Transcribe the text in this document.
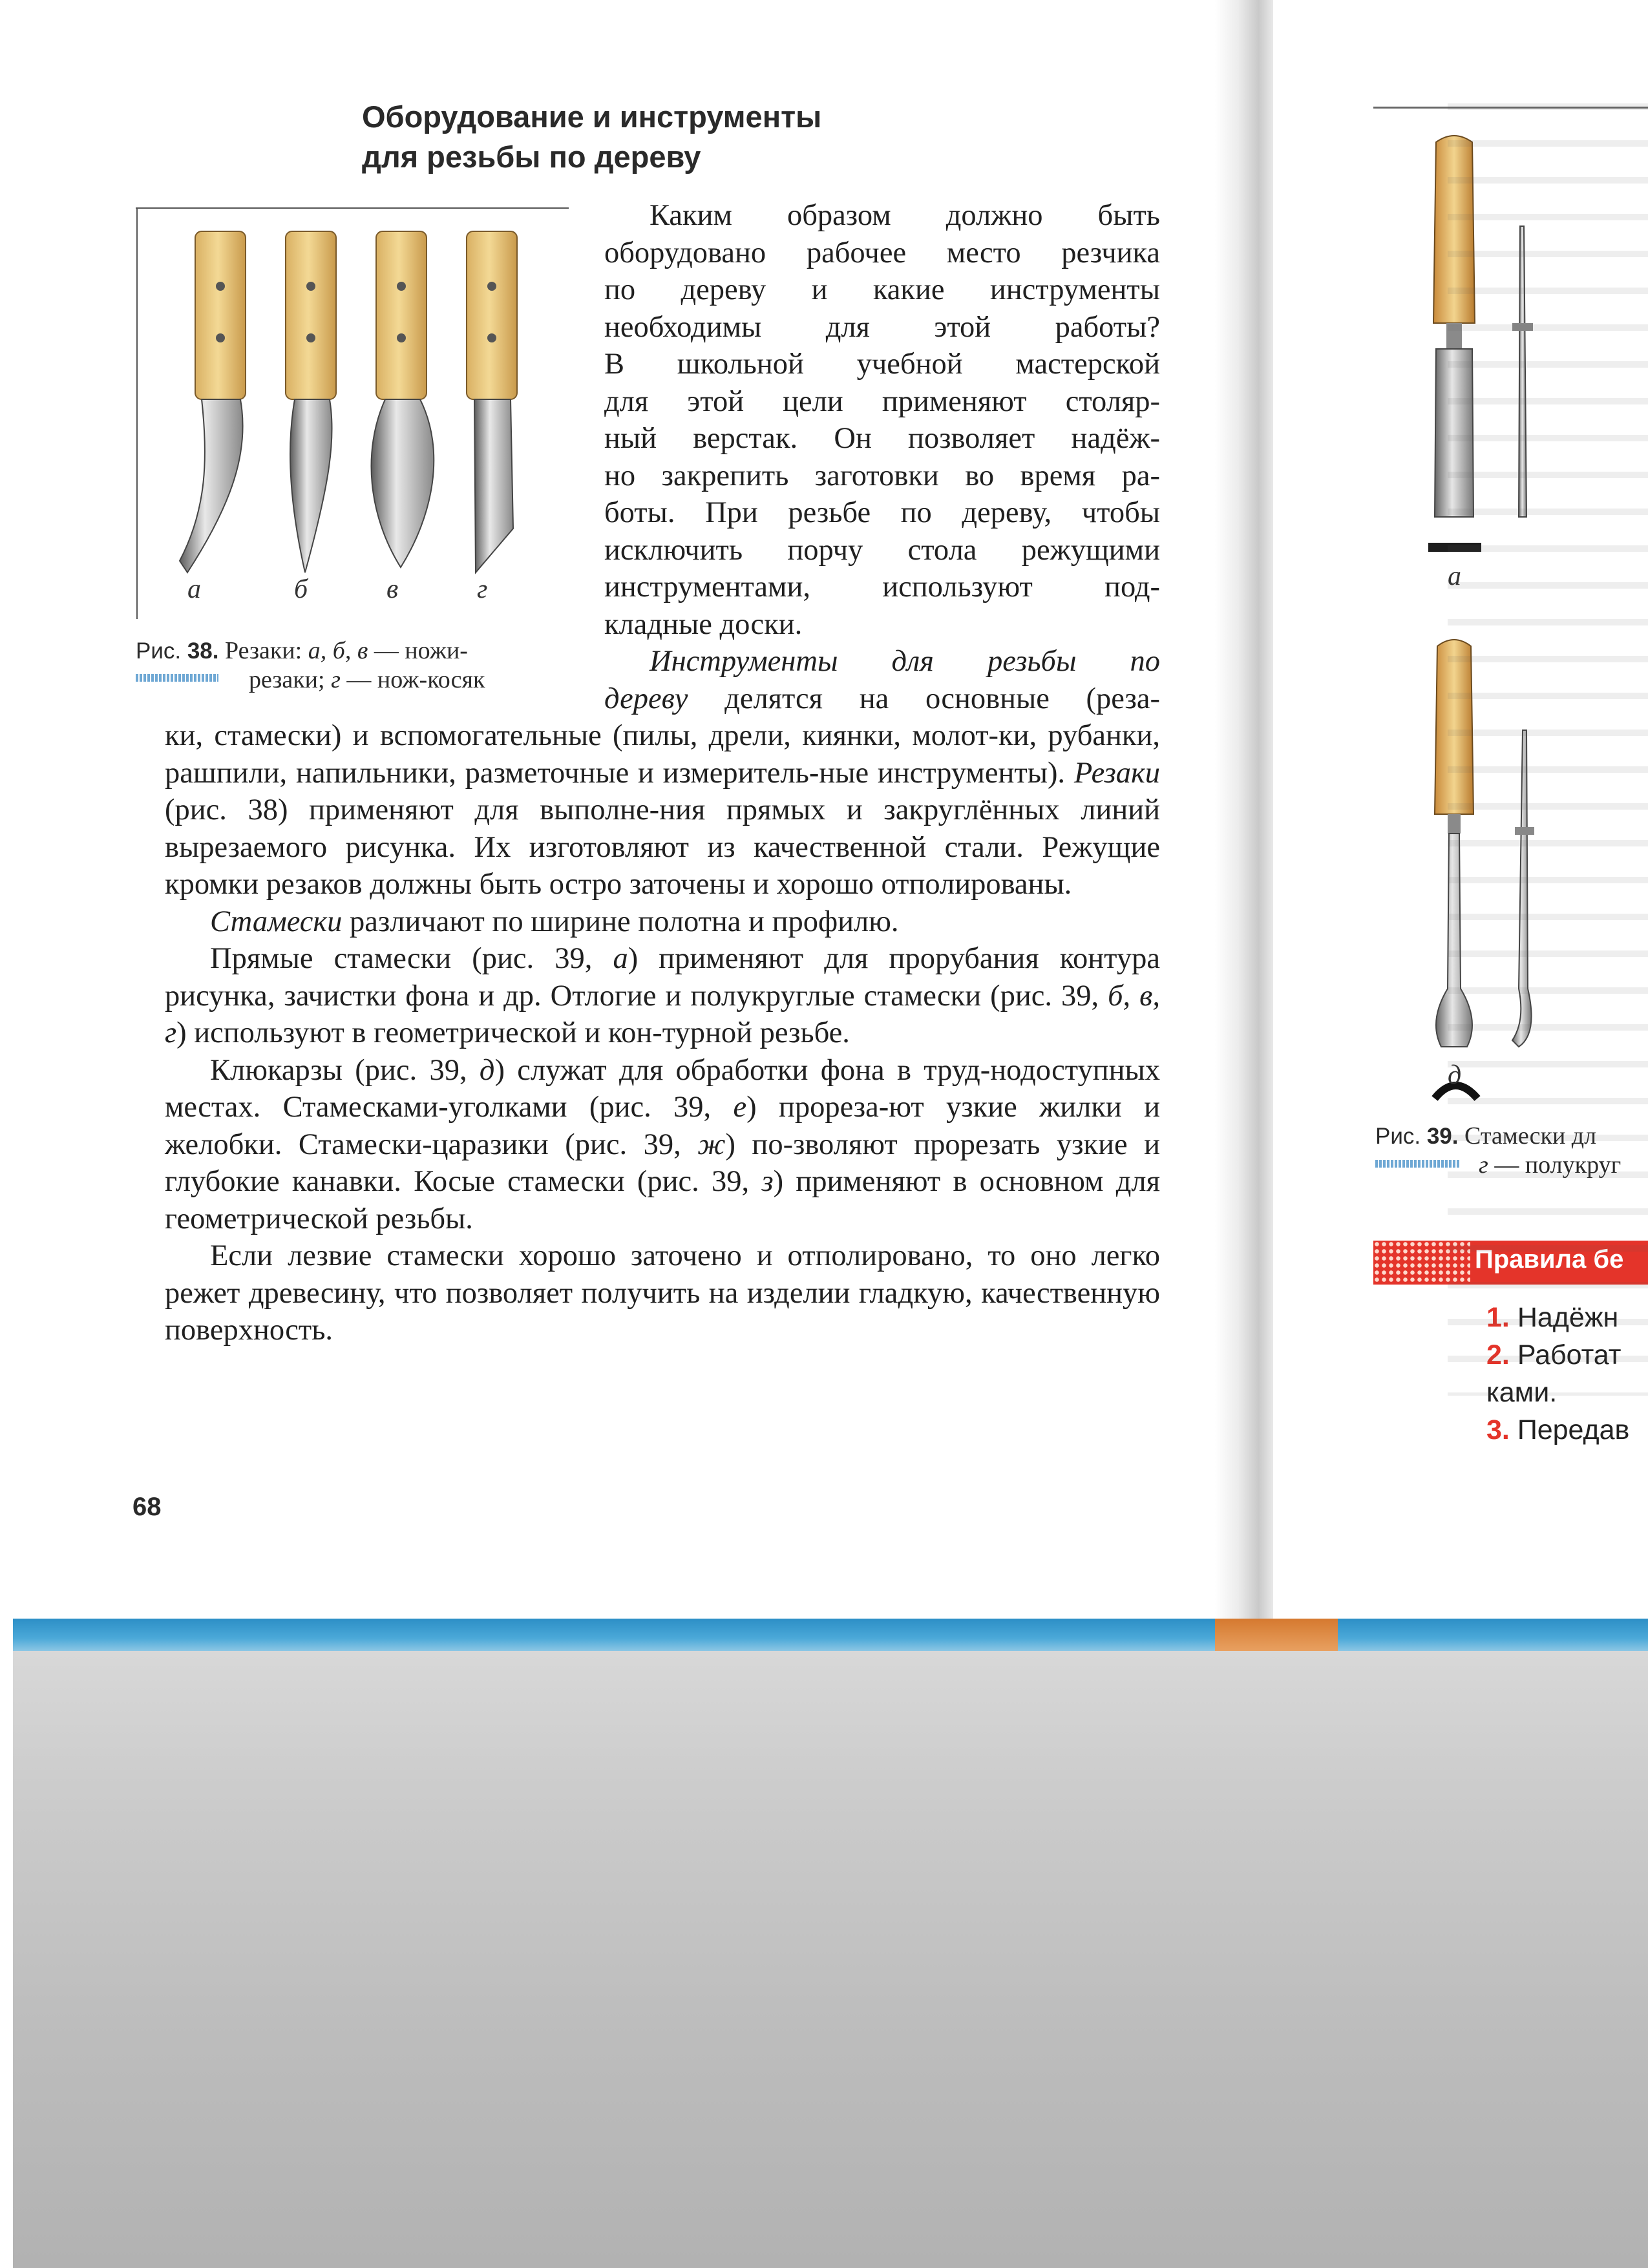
Оборудование и инструменты
для резьбы по дереву
а	б	в	г
Рис. 38. Резаки: а, б, в — ножи-
резаки; г — нож-косяк
Каким образом должно быть
оборудовано рабочее место резчика
по дереву и какие инструменты
необходимы для этой работы?
В школьной учебной мастерской
для этой цели применяют столяр-
ный верстак. Он позволяет надёж-
но закрепить заготовки во время ра-
боты. При резьбе по дереву, чтобы
исключить порчу стола режущими
инструментами, используют под-
кладные доски.
Инструменты для резьбы по
дереву делятся на основные (реза-

ки, стамески) и вспомогательные (пилы, дрели, киянки, молот-ки, рубанки, рашпили, напильники, разметочные и измеритель-ные инструменты). Резаки (рис. 38) применяют для выполне-ния прямых и закруглённых линий вырезаемого рисунка. Их изготовляют из качественной стали. Режущие кромки резаков должны быть остро заточены и хорошо отполированы.

Стамески различают по ширине полотна и профилю.

Прямые стамески (рис. 39, а) применяют для прорубания контура рисунка, зачистки фона и др. Отлогие и полукруглые стамески (рис. 39, б, в, г) используют в геометрической и кон-турной резьбе.

Клюкарзы (рис. 39, д) служат для обработки фона в труд-нодоступных местах. Стамесками-уголками (рис. 39, е) прореза-ют узкие жилки и желобки. Стамески-царазики (рис. 39, ж) по-зволяют прорезать узкие и глубокие канавки. Косые стамески (рис. 39, з) применяют в основном для геометрической резьбы.

Если лезвие стамески хорошо заточено и отполировано, то оно легко режет древесину, что позволяет получить на изделии гладкую, качественную поверхность.

68
а
д
Рис. 39. Стамески дл
г — полукруг
Правила бе
1. Надёжн
2. Работат
ками.
3. Передав
